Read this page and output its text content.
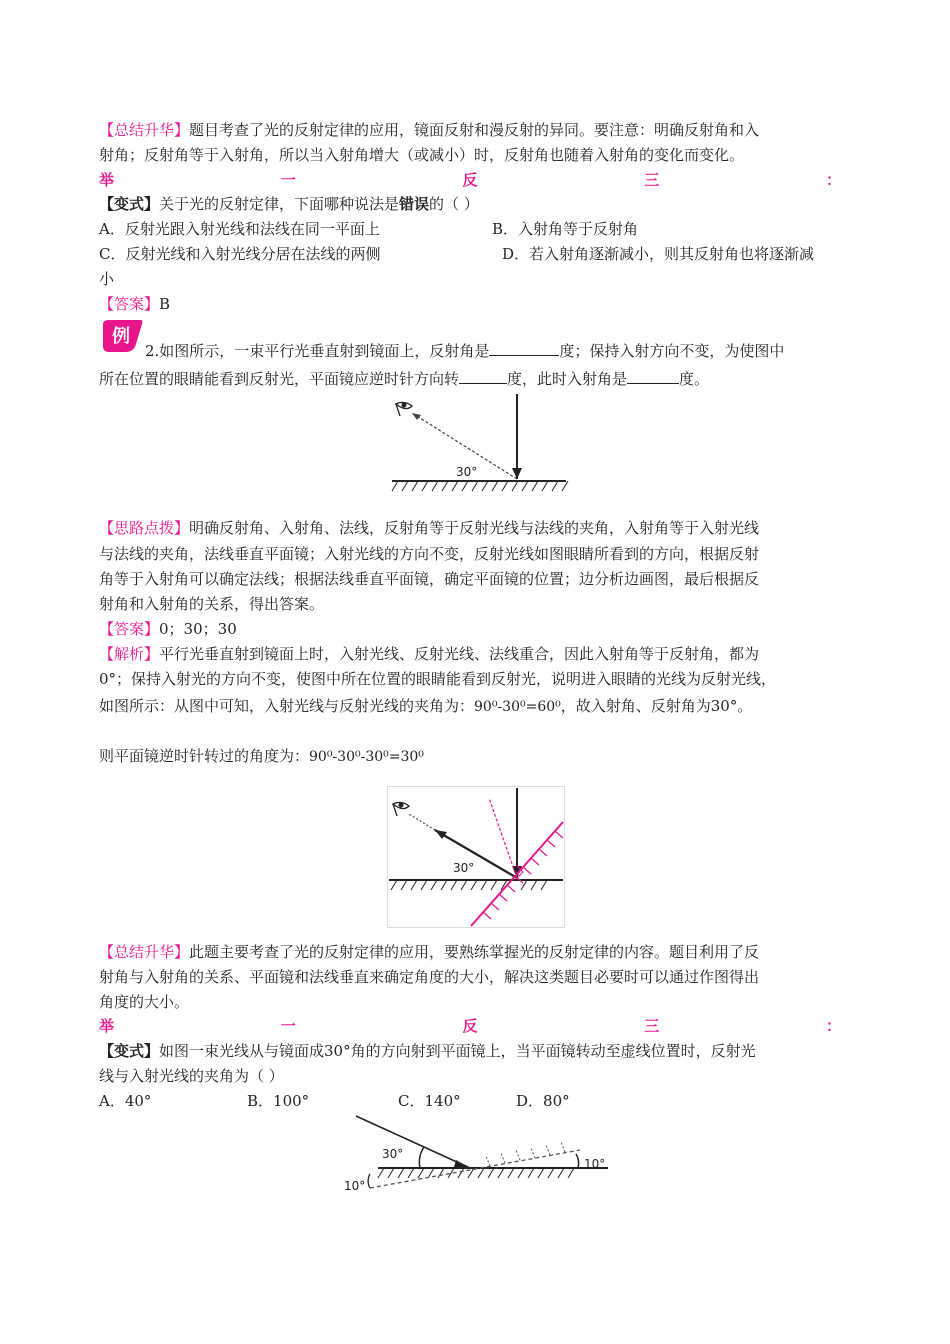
【总结升华】题目考查了光的反射定律的应用，镜面反射和漫反射的异同。要注意：明确反射角和入
射角；反射角等于入射角，所以当入射角增大（或减小）时，反射角也随着入射角的变化而变化。
举	一	反	三	：
【变式】关于光的反射定律，下面哪种说法是错误的（ ）
A．反射光跟入射光线和法线在同一平面上	B．入射角等于反射角
C．反射光线和入射光线分居在法线的两侧	D．若入射角逐渐减小，则其反射角也将逐渐减
小
【答案】B
例
2.如图所示，一束平行光垂直射到镜面上，反射角是	度；保持入射方向不变，为使图中
所在位置的眼睛能看到反射光，平面镜应逆时针方向转	度，此时入射角是	度。
30°
【思路点拨】明确反射角、入射角、法线，反射角等于反射光线与法线的夹角，入射角等于入射光线
与法线的夹角，法线垂直平面镜；入射光线的方向不变，反射光线如图眼睛所看到的方向，根据反射
角等于入射角可以确定法线；根据法线垂直平面镜，确定平面镜的位置；边分析边画图，最后根据反
射角和入射角的关系，得出答案。
【答案】0；30；30
【解析】平行光垂直射到镜面上时，入射光线、反射光线、法线重合，因此入射角等于反射角，都为
0°；保持入射光的方向不变，使图中所在位置的眼睛能看到反射光，说明进入眼睛的光线为反射光线，
如图所示：从图中可知，入射光线与反射光线的夹角为：90⁰-30⁰=60⁰，故入射角、反射角为30°。
则平面镜逆时针转过的角度为：90⁰-30⁰-30⁰=30⁰
30°
【总结升华】此题主要考查了光的反射定律的应用，要熟练掌握光的反射定律的内容。题目利用了反
射角与入射角的关系、平面镜和法线垂直来确定角度的大小，解决这类题目必要时可以通过作图得出
角度的大小。
举	一	反	三	：
【变式】如图一束光线从与镜面成30°角的方向射到平面镜上，当平面镜转动至虚线位置时，反射光
线与入射光线的夹角为（ ）
A．40°	B．100°	C．140°	D．80°
30°
10°
10°
